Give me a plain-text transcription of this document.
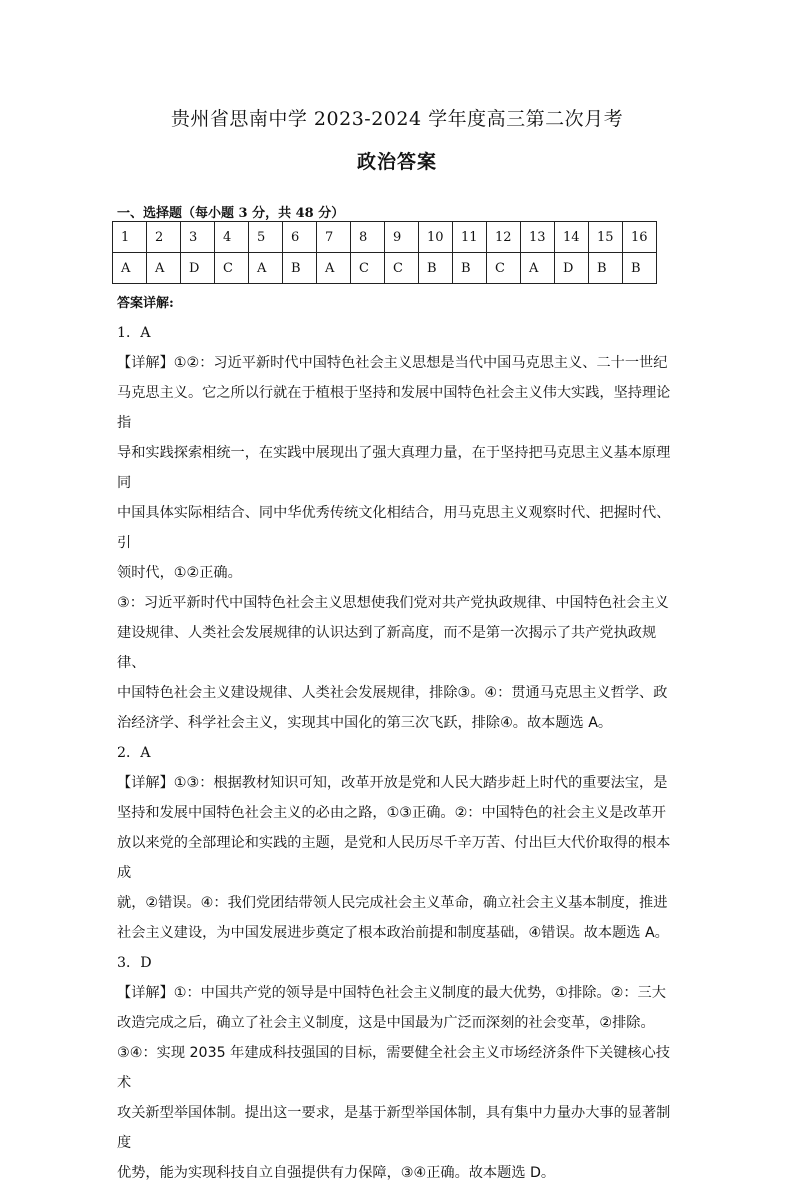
贵州省思南中学 2023-2024 学年度高三第二次月考
政治答案
一、选择题（每小题 3 分，共 48 分）
1	2	3	4	5	6	7	8	9	10	11	12	13	14	15	16
A	A	D	C	A	B	A	C	C	B	B	C	A	D	B	B
答案详解:

1．A

【详解】①②：习近平新时代中国特色社会主义思想是当代中国马克思主义、二十一世纪

马克思主义。它之所以行就在于植根于坚持和发展中国特色社会主义伟大实践，坚持理论指

导和实践探索相统一，在实践中展现出了强大真理力量，在于坚持把马克思主义基本原理同

中国具体实际相结合、同中华优秀传统文化相结合，用马克思主义观察时代、把握时代、引

领时代，①②正确。

③：习近平新时代中国特色社会主义思想使我们党对共产党执政规律、中国特色社会主义

建设规律、人类社会发展规律的认识达到了新高度，而不是第一次揭示了共产党执政规律、

中国特色社会主义建设规律、人类社会发展规律，排除③。④：贯通马克思主义哲学、政

治经济学、科学社会主义，实现其中国化的第三次飞跃，排除④。故本题选 A。

2．A

【详解】①③：根据教材知识可知，改革开放是党和人民大踏步赶上时代的重要法宝，是

坚持和发展中国特色社会主义的必由之路，①③正确。②：中国特色的社会主义是改革开

放以来党的全部理论和实践的主题，是党和人民历尽千辛万苦、付出巨大代价取得的根本成

就，②错误。④：我们党团结带领人民完成社会主义革命，确立社会主义基本制度，推进

社会主义建设，为中国发展进步奠定了根本政治前提和制度基础，④错误。故本题选 A。

3．D

【详解】①：中国共产党的领导是中国特色社会主义制度的最大优势，①排除。②：三大

改造完成之后，确立了社会主义制度，这是中国最为广泛而深刻的社会变革，②排除。

③④：实现 2035 年建成科技强国的目标，需要健全社会主义市场经济条件下关键核心技术

攻关新型举国体制。提出这一要求，是基于新型举国体制，具有集中力量办大事的显著制度

优势，能为实现科技自立自强提供有力保障，③④正确。故本题选 D。
